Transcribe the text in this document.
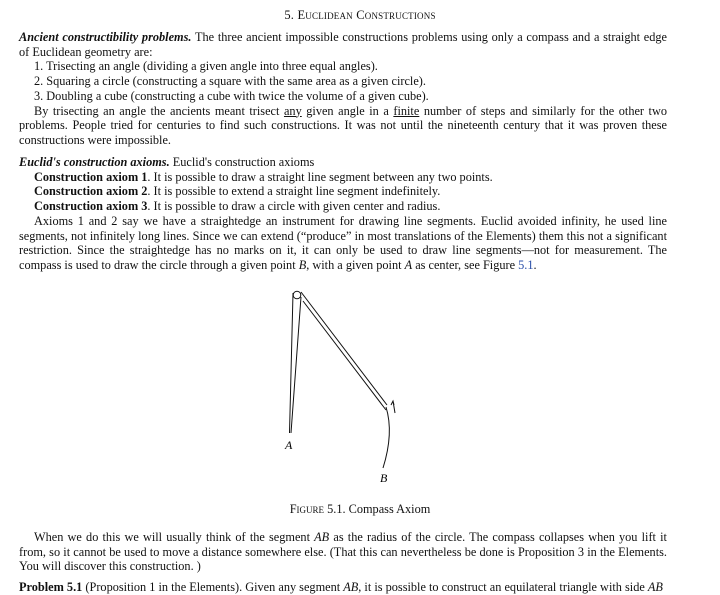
5. Euclidean Constructions

Ancient constructibility problems. The three ancient impossible constructions problems using only a compass and a straight edge of Euclidean geometry are:

1. Trisecting an angle (dividing a given angle into three equal angles).

2. Squaring a circle (constructing a square with the same area as a given circle).

3. Doubling a cube (constructing a cube with twice the volume of a given cube).

By trisecting an angle the ancients meant trisect any given angle in a finite number of steps and similarly for the other two problems. People tried for centuries to find such constructions. It was not until the nineteenth century that it was proven these constructions were impossible.

Euclid's construction axioms. Euclid's construction axioms

Construction axiom 1. It is possible to draw a straight line segment between any two points.

Construction axiom 2. It is possible to extend a straight line segment indefinitely.

Construction axiom 3. It is possible to draw a circle with given center and radius.

Axioms 1 and 2 say we have a straightedge an instrument for drawing line segments. Euclid avoided infinity, he used line segments, not infinitely long lines. Since we can extend (“produce” in most translations of the Elements) them this not a significant restriction. Since the straightedge has no marks on it, it can only be used to draw line segments—not for measurement. The compass is used to draw the circle through a given point B, with a given point A as center, see Figure 5.1.

A
B
Figure 5.1. Compass Axiom

When we do this we will usually think of the segment AB as the radius of the circle. The compass collapses when you lift it from, so it cannot be used to move a distance somewhere else. (That this can nevertheless be done is Proposition 3 in the Elements. You will discover this construction. )

Problem 5.1 (Proposition 1 in the Elements). Given any segment AB, it is possible to construct an equilateral triangle with side AB
